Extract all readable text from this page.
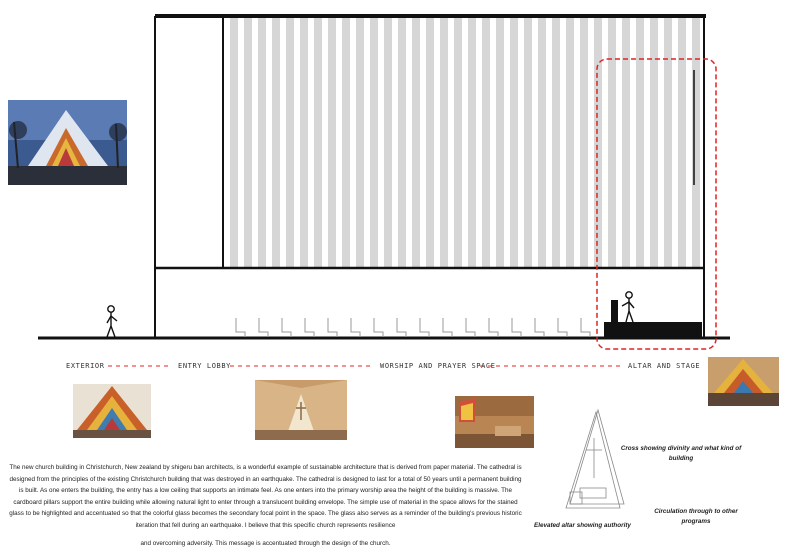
EXTERIOR	ENTRY LOBBY	WORSHIP AND PRAYER SPACE	ALTAR AND STAGE
Cross showing divinity and what kind of building
Elevated altar showing authority
Circulation through to other programs

The new church building in Christchurch, New zealand by shigeru ban architects, is a wonderful example of sustainable architecture that is derived from paper material. The cathedral is designed from the principles of the existing Christchurch building that was destroyed in an earthquake. The cathedral is designed to last for a total of 50 years until a permanent building is built. As one enters the building, the entry has a low ceiling that supports an intimate feel. As one enters into the primary worship area the height of the building is massive. The cardboard pillars support the entire building while allowing natural light to enter through a translucent building envelope. The simple use of material in the space allows for the stained glass to be highlighted and accentuated so that the colorful glass becomes the secondary focal point in the space. The glass also serves as a reminder of the building's previous historic iteration that fell during an earthquake. I believe that this specific church represents resilience

and overcoming adversity. This message is accentuated through the design of the church.
